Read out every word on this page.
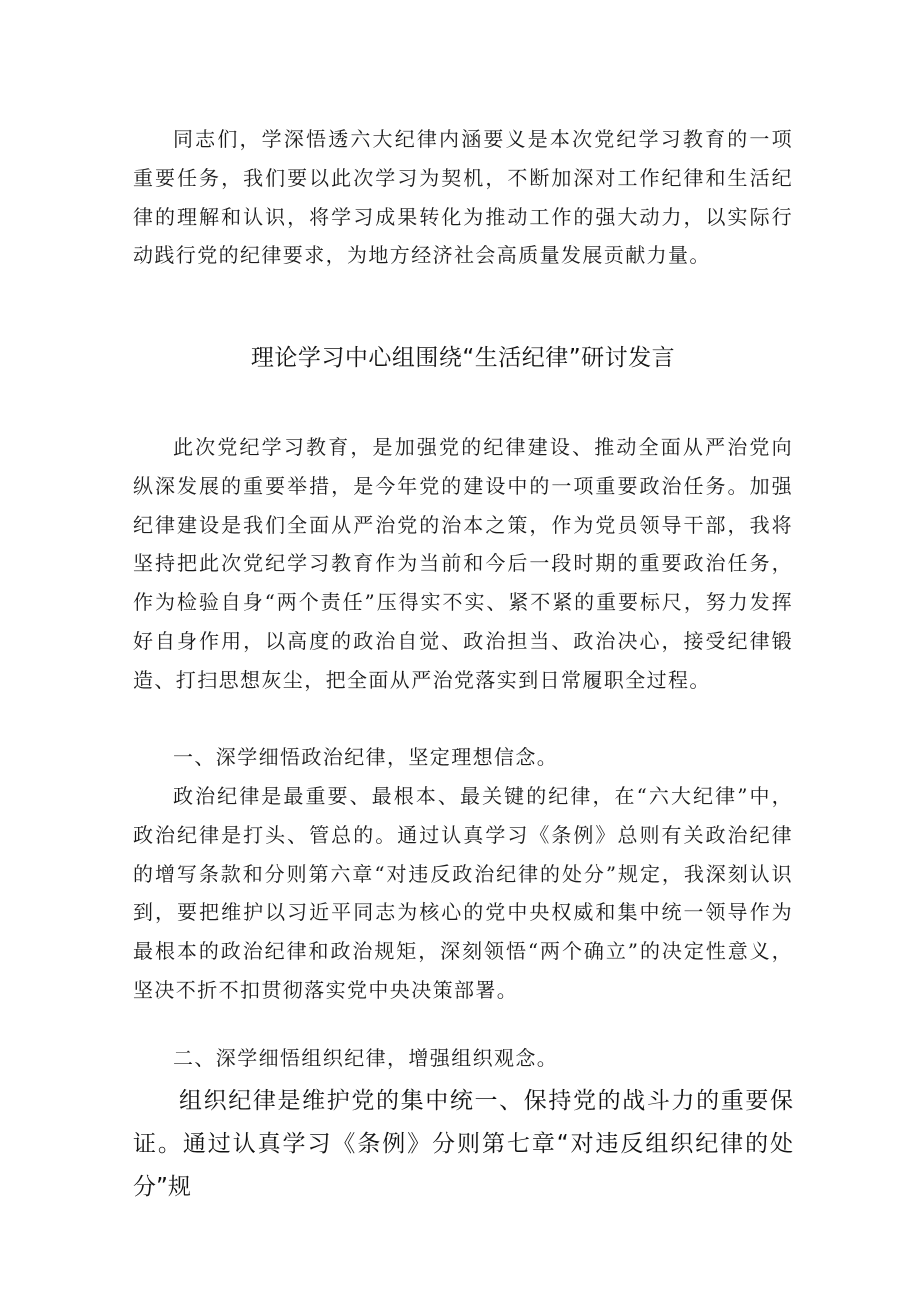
同志们，学深悟透六大纪律内涵要义是本次党纪学习教育的一项重要任务，我们要以此次学习为契机，不断加深对工作纪律和生活纪律的理解和认识，将学习成果转化为推动工作的强大动力，以实际行动践行党的纪律要求，为地方经济社会高质量发展贡献力量。

理论学习中心组围绕“生活纪律”研讨发言

此次党纪学习教育，是加强党的纪律建设、推动全面从严治党向纵深发展的重要举措，是今年党的建设中的一项重要政治任务。加强纪律建设是我们全面从严治党的治本之策，作为党员领导干部，我将坚持把此次党纪学习教育作为当前和今后一段时期的重要政治任务，作为检验自身“两个责任”压得实不实、紧不紧的重要标尺，努力发挥好自身作用，以高度的政治自觉、政治担当、政治决心，接受纪律锻造、打扫思想灰尘，把全面从严治党落实到日常履职全过程。

一、深学细悟政治纪律，坚定理想信念。

政治纪律是最重要、最根本、最关键的纪律，在“六大纪律”中，政治纪律是打头、管总的。通过认真学习《条例》总则有关政治纪律的增写条款和分则第六章“对违反政治纪律的处分”规定，我深刻认识到，要把维护以习近平同志为核心的党中央权威和集中统一领导作为最根本的政治纪律和政治规矩，深刻领悟“两个确立”的决定性意义，坚决不折不扣贯彻落实党中央决策部署。

二、深学细悟组织纪律，增强组织观念。

组织纪律是维护党的集中统一、保持党的战斗力的重要保证。通过认真学习《条例》分则第七章“对违反组织纪律的处分”规
